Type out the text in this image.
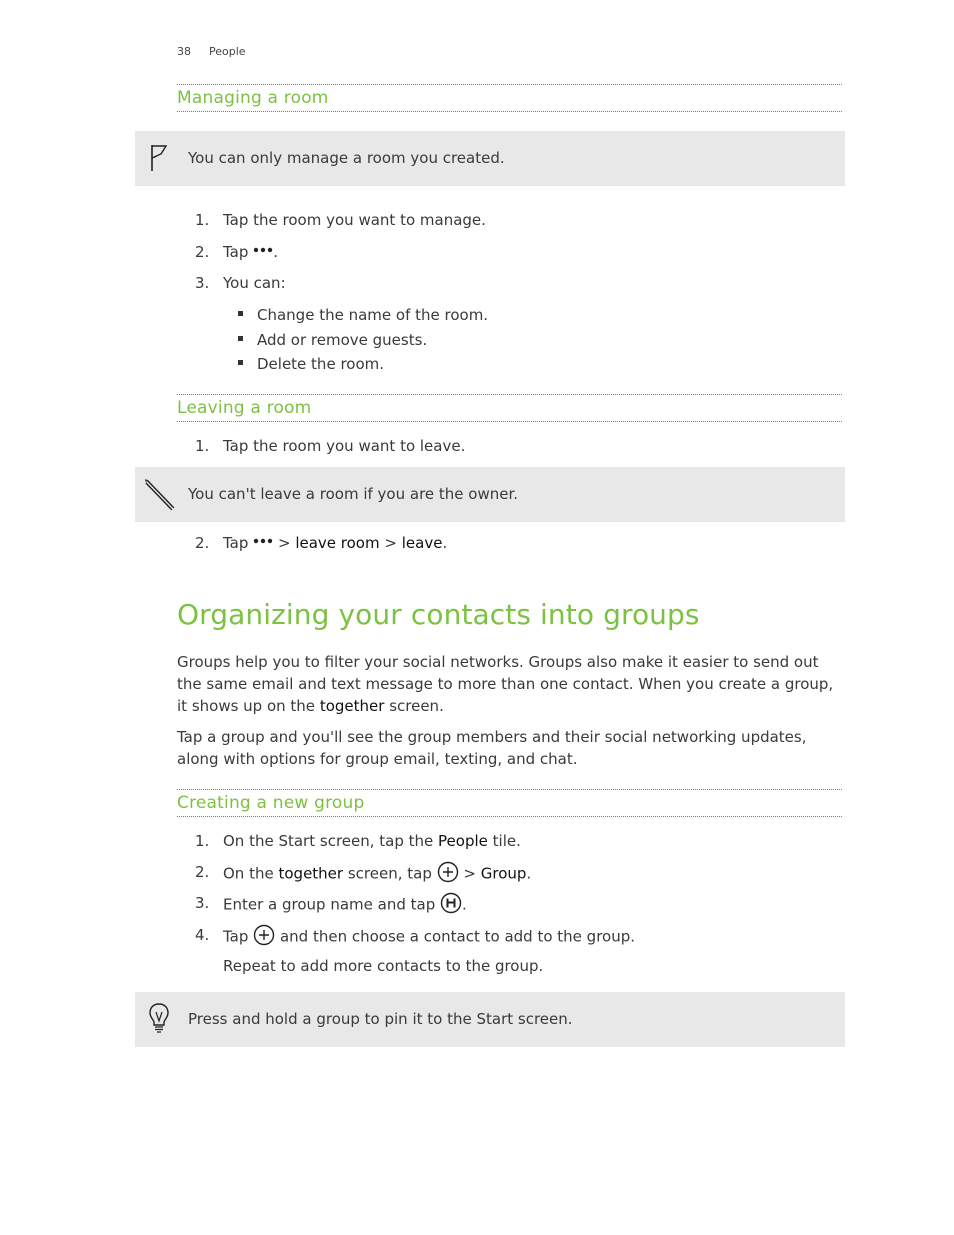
38 People
Managing a room
You can only manage a room you created.
1. Tap the room you want to manage.
2. Tap .
3. You can:
Change the name of the room.
Add or remove guests.
Delete the room.
Leaving a room
1. Tap the room you want to leave.
You can't leave a room if you are the owner.
2. Tap > leave room > leave.
Organizing your contacts into groups
Groups help you to filter your social networks. Groups also make it easier to send out the same email and text message to more than one contact. When you create a group, it shows up on the together screen.
Tap a group and you'll see the group members and their social networking updates, along with options for group email, texting, and chat.
Creating a new group
1. On the Start screen, tap the People tile.
2. On the together screen, tap > Group.
3. Enter a group name and tap .
4. Tap and then choose a contact to add to the group.
Repeat to add more contacts to the group.
Press and hold a group to pin it to the Start screen.
